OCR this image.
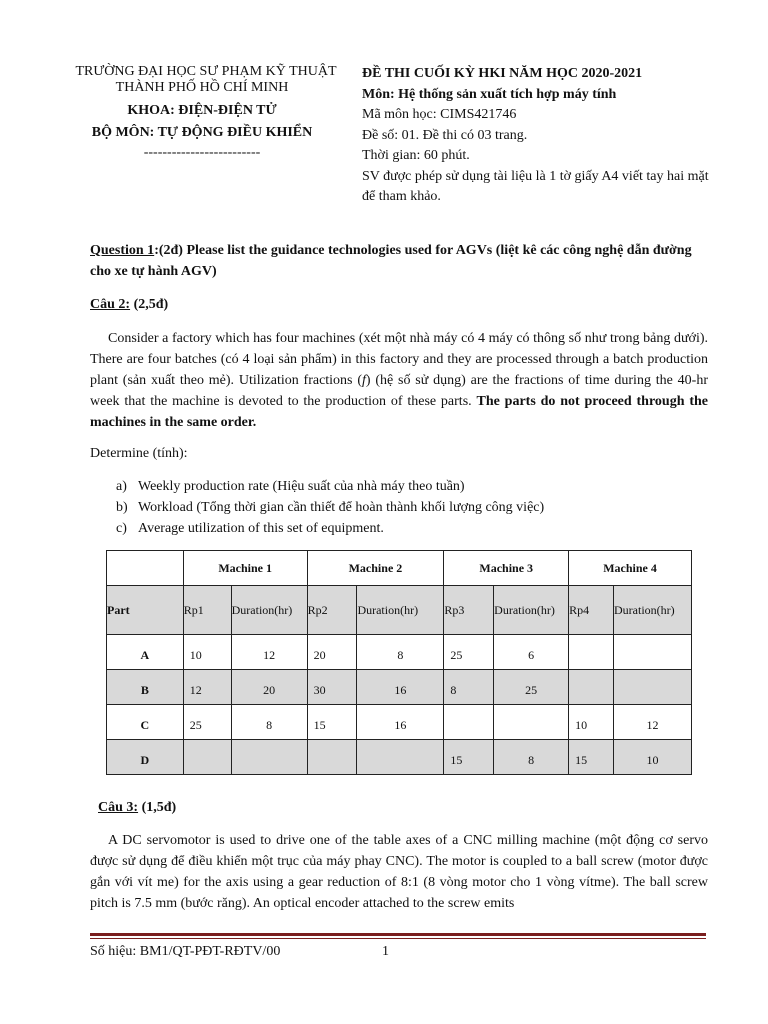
TRƯỜNG ĐẠI HỌC SƯ PHẠM KỸ THUẬT
THÀNH PHỐ HỒ CHÍ MINH
KHOA: ĐIỆN-ĐIỆN TỬ
BỘ MÔN: TỰ ĐỘNG ĐIỀU KHIỂN
-------------------------
ĐỀ THI CUỐI KỲ HKI NĂM HỌC 2020-2021
Môn: Hệ thống sản xuất tích hợp máy tính
Mã môn học: CIMS421746
Đề số: 01. Đề thi có 03 trang.
Thời gian: 60 phút.
SV được phép sử dụng tài liệu là 1 tờ giấy A4 viết tay hai mặt để tham khảo.
Question 1:(2đ) Please list the guidance technologies used for AGVs (liệt kê các công nghệ dẫn đường cho xe tự hành AGV)
Câu 2: (2,5đ)
Consider a factory which has four machines (xét một nhà máy có 4 máy có thông số như trong bảng dưới). There are four batches (có 4 loại sản phẩm) in this factory and they are processed through a batch production plant (sản xuất theo mẻ). Utilization fractions (f) (hệ số sử dụng) are the fractions of time during the 40-hr week that the machine is devoted to the production of these parts. The parts do not proceed through the machines in the same order.
Determine (tính):
a) Weekly production rate (Hiệu suất của nhà máy theo tuần)
b) Workload (Tổng thời gian cần thiết để hoàn thành khối lượng công việc)
c) Average utilization of this set of equipment.
	Machine 1		Machine 2		Machine 3		Machine 4	
Part	Rp1	Duration(hr)	Rp2	Duration(hr)	Rp3	Duration(hr)	Rp4	Duration(hr)

A	10	12	20	8	25	6		

B	12	20	30	16	8	25		

C	25	8	15	16			10	12

D					15	8	15	10
Câu 3: (1,5đ)
A DC servomotor is used to drive one of the table axes of a CNC milling machine (một động cơ servo được sử dụng để điều khiển một trục của máy phay CNC). The motor is coupled to a ball screw (motor được gắn với vít me) for the axis using a gear reduction of 8:1 (8 vòng motor cho 1 vòng vítme). The ball screw pitch is 7.5 mm (bước răng). An optical encoder attached to the screw emits
Số hiệu: BM1/QT-PĐT-RĐTV/00	1
